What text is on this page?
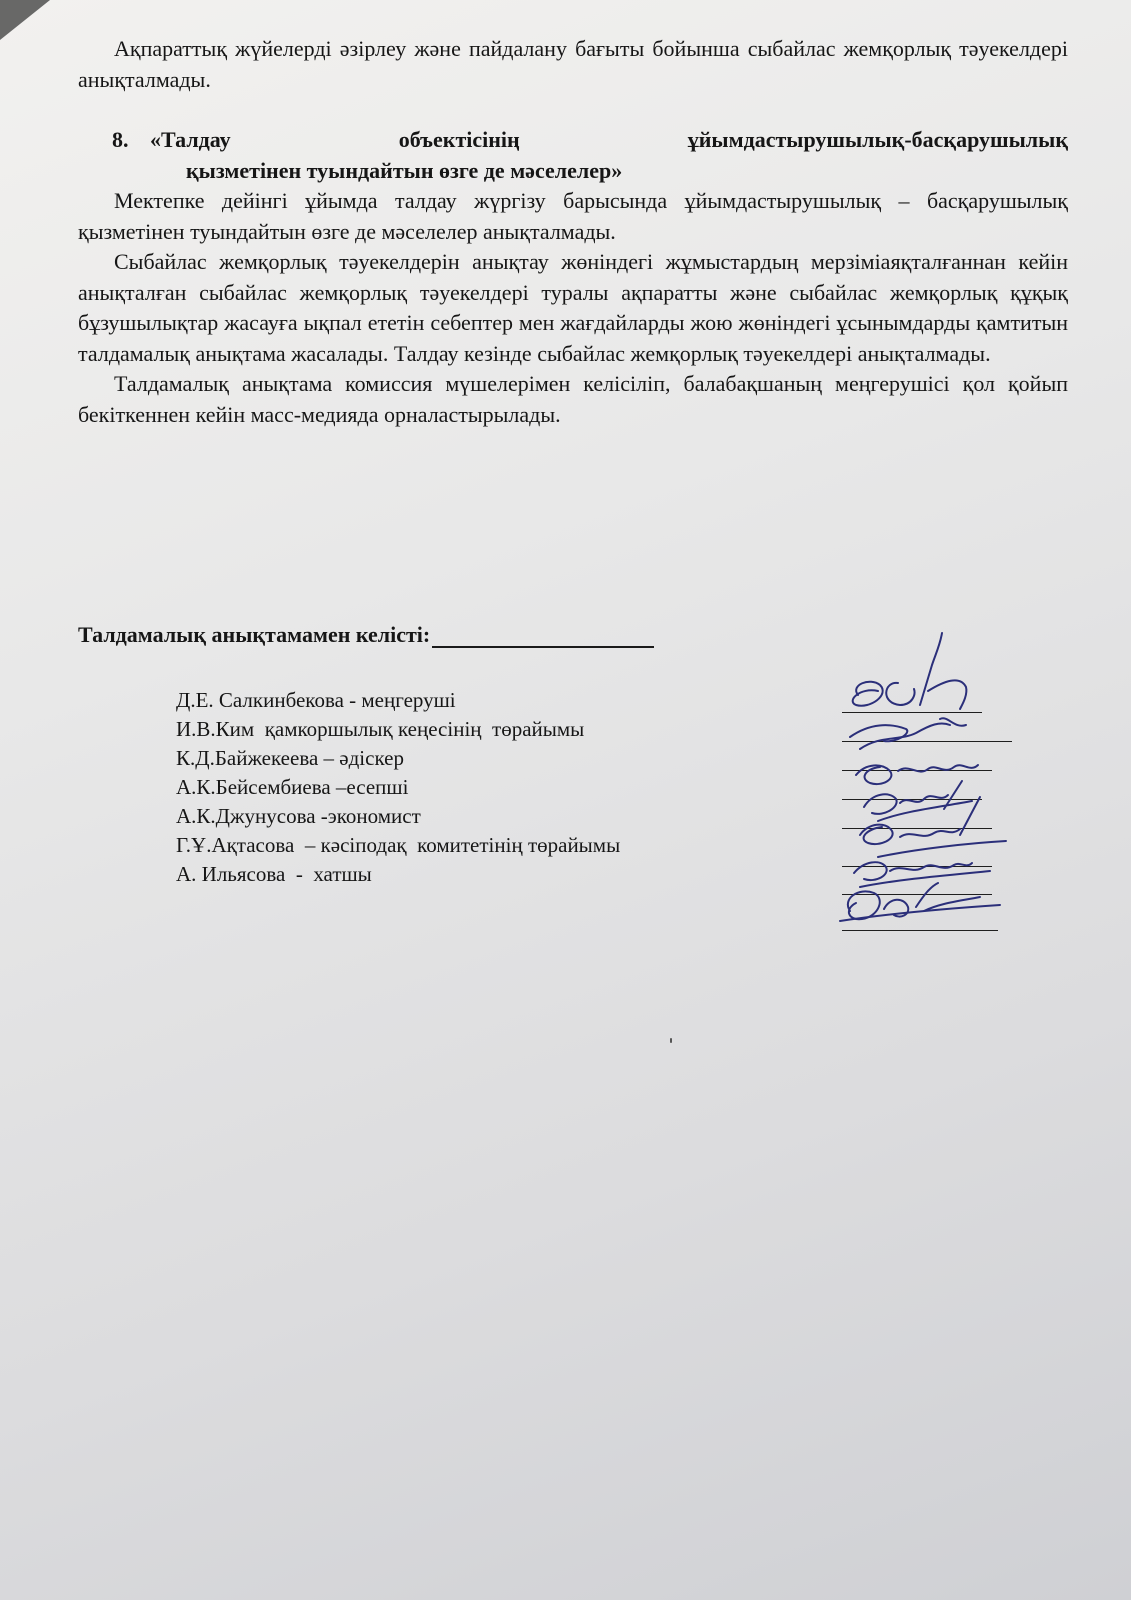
Ақпараттық жүйелерді әзірлеу және пайдалану бағыты бойынша сыбайлас жемқорлық тәуекелдері анықталмады.

8. «Талдау	объектісінің	ұйымдастырушылық-басқарушылық
қызметінен туындайтын өзге де мәселелер»

Мектепке дейінгі ұйымда талдау жүргізу барысында ұйымдастырушылық – басқарушылық қызметінен туындайтын өзге де мәселелер анықталмады.

Сыбайлас жемқорлық тәуекелдерін анықтау жөніндегі жұмыстардың мерзіміаяқталғаннан кейін анықталған сыбайлас жемқорлық тәуекелдері туралы ақпаратты және сыбайлас жемқорлық құқық бұзушылықтар жасауға ықпал ететін себептер мен жағдайларды жою жөніндегі ұсынымдарды қамтитын талдамалық анықтама жасалады. Талдау кезінде сыбайлас жемқорлық тәуекелдері анықталмады.

Талдамалық анықтама комиссия мүшелерімен келісіліп, балабақшаның меңгерушісі қол қойып бекіткеннен кейін масс-медияда орналастырылады.

Талдамалық анықтамамен келісті:
Д.Е. Салкинбекова - меңгеруші
И.В.Ким  қамкоршылық кеңесінің  төрайымы
К.Д.Байжекеева – әдіскер
А.К.Бейсембиева –есепші
А.К.Джунусова -экономист
Г.Ұ.Ақтасова  – кәсіподақ  комитетінің төрайымы
А. Ильясова  -  хатшы
